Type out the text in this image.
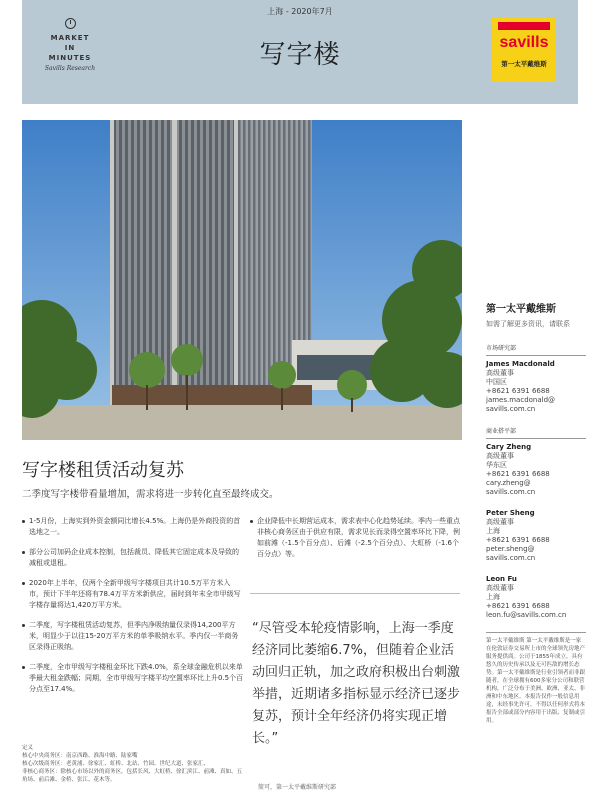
MARKET
IN
MINUTES
Savills Research
上海 - 2020年7月
写字楼	savills
第一太平戴维斯
第一太平戴维斯
如需了解更多资讯，请联系
市场研究部
James Macdonald
高级董事
中国区
+8621 6391 6688
james.macdonald@
savills.com.cn
商业搭平部
Cary Zheng
高级董事
华东区
+8621 6391 6688
cary.zheng@
savills.com.cn
Peter Sheng
高级董事
上海
+8621 6391 6688
peter.sheng@
savills.com.cn
Leon Fu
高级董事
上海
+8621 6391 6688
leon.fu@savills.com.cn
第一太平戴维斯 第一太平戴维斯是一家在伦敦证券交易所上市的全球领先房地产服务提供商。公司于1855年成立，具有悠久的历史传承以及无可匹敌的增长态势。第一太平戴维斯是行业引领者而非跟随者，在全球拥有600多家分公司和联营机构，广泛分布于美洲、欧洲、亚太、非洲和中东地区。本报告仅作一般信息用途，未经事先许可，不得以任何形式将本报告全部或部分内容用于出版、复制或引用。
写字楼租赁活动复苏
二季度写字楼带看量增加，需求将进一步转化直至最终成交。
1-5月份，上海实到外资金额同比增长4.5%。上海仍是外商投资的首选地之一。
部分公司加码企业成本控制，包括裁员、降低其它固定成本及导致的减租或退租。
2020年上半年，仅两个全新甲级写字楼项目共计10.5万平方米入市，预计下半年还将有78.4万平方米新供应，届时到年末全市甲级写字楼存量将达1,420万平方米。
二季度，写字楼租赁活动复苏，但季内净吸纳量仅录得14,200平方米，明显少于以往15-20万平方米的单季吸纳水平。季内仅一半商务区录得正吸纳。
二季度，全市甲级写字楼租金环比下跌4.0%，系全球金融危机以来单季最大租金跌幅；同期，全市甲级写字楼平均空置率环比上升0.5个百分点至17.4%。
企业降低中长期营运成本，需求表中心化趋势延续。季内一些重点非核心商务区由于供应有限，需求见长而录得空置率环比下降，例如前滩（-1.5个百分点）、后滩（-2.5个百分点）、大虹桥（-1.6个百分点）等。
“尽管受本轮疫情影响，上海一季度经济同比萎缩6.7%，但随着企业活动回归正轨，加之政府积极出台刺激举措，近期诸多指标显示经济已逐步复苏，预计全年经济仍将实现正增长。”
简可，第一太平戴维斯研究部
定义
核心中央商务区：南京西路、淮海中路、陆家嘴
核心次级商务区：老黄浦、徐家汇、虹桥、北站、竹园、世纪大道、张家汇、
非核心商务区：除核心市场以外的商务区，包括长风、大虹桥、徐汇滨江、前滩、真如、五角场、前后滩、金桥、张江、花木等。
